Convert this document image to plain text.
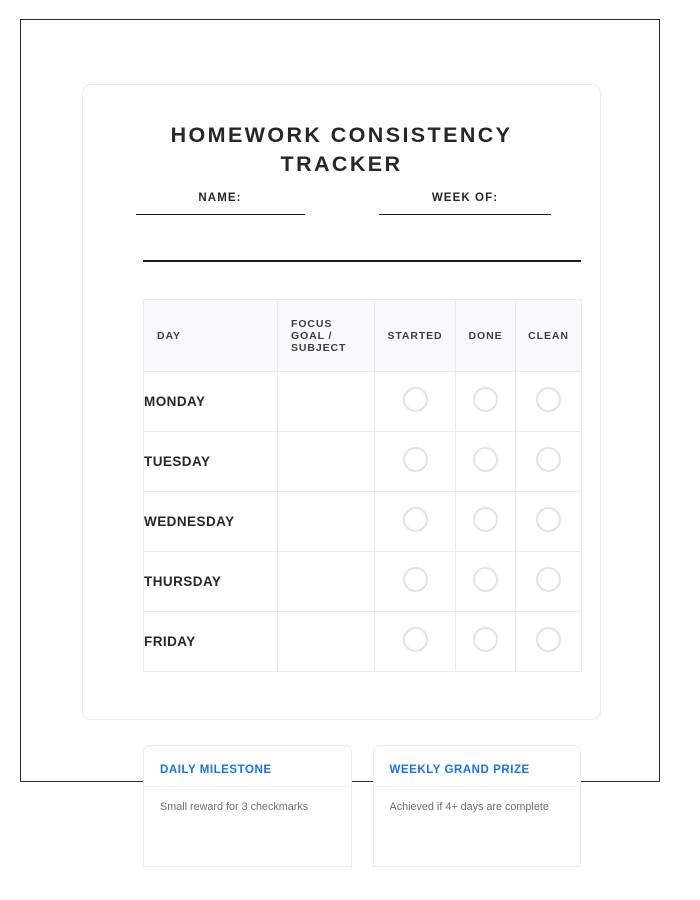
HOMEWORK CONSISTENCY TRACKER
NAME:	WEEK OF:
DAY	FOCUS GOAL / SUBJECT	STARTED	DONE	CLEAN
MONDAY				
TUESDAY				
WEDNESDAY				
THURSDAY				
FRIDAY				
DAILY MILESTONE
Small reward for 3 checkmarks
WEEKLY GRAND PRIZE
Achieved if 4+ days are complete
